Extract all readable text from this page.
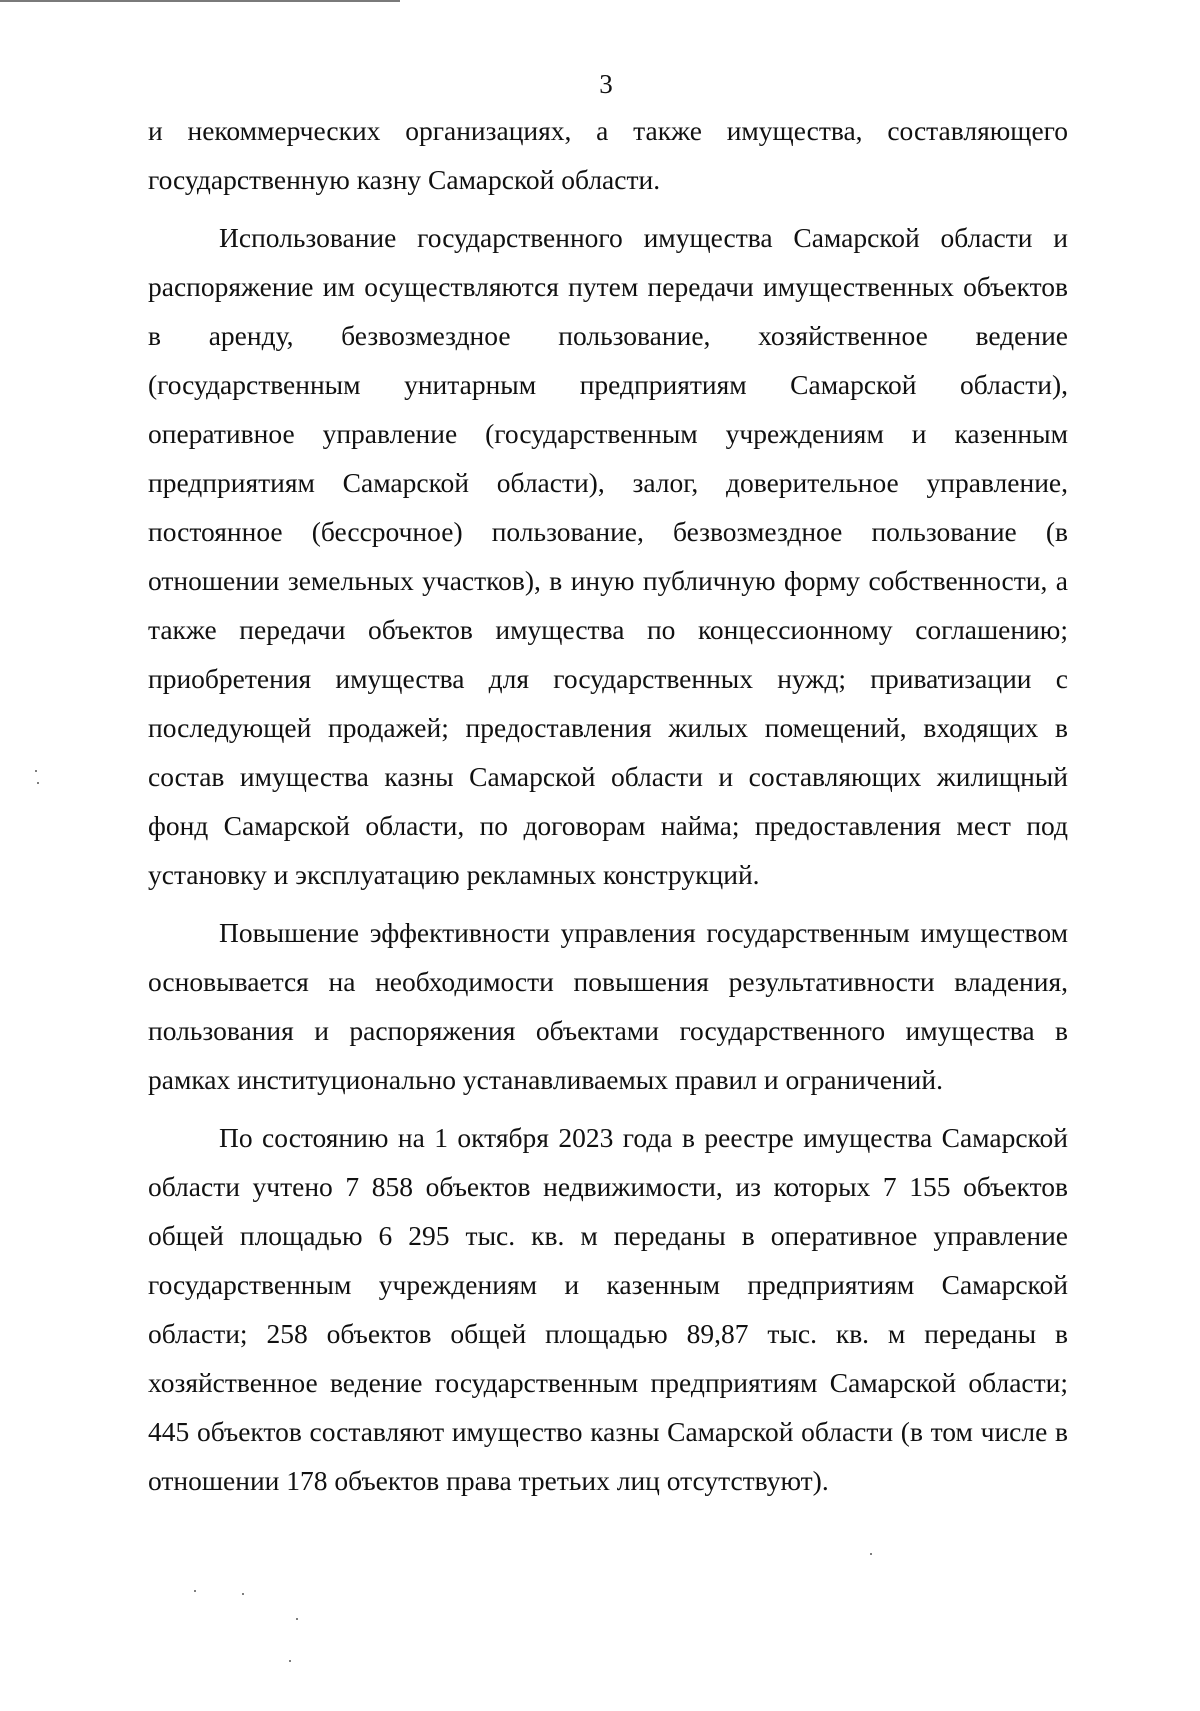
3

и некоммерческих организациях, а также имущества, составляющего государственную казну Самарской области.

Использование государственного имущества Самарской области и распоряжение им осуществляются путем передачи имущественных объектов в аренду, безвозмездное пользование, хозяйственное ведение (государственным унитарным предприятиям Самарской области), оперативное управление (государственным учреждениям и казенным предприятиям Самарской области), залог, доверительное управление, постоянное (бессрочное) пользование, безвозмездное пользование (в отношении земельных участков), в иную публичную форму собственности, а также передачи объектов имущества по концессионному соглашению; приобретения имущества для государственных нужд; приватизации с последующей продажей; предоставления жилых помещений, входящих в состав имущества казны Самарской области и составляющих жилищный фонд Самарской области, по договорам найма; предоставления мест под установку и эксплуатацию рекламных конструкций.

Повышение эффективности управления государственным имуществом основывается на необходимости повышения результативности владения, пользования и распоряжения объектами государственного имущества в рамках институционально устанавливаемых правил и ограничений.

По состоянию на 1 октября 2023 года в реестре имущества Самарской области учтено 7 858 объектов недвижимости, из которых 7 155 объектов общей площадью 6 295 тыс. кв. м переданы в оперативное управление государственным учреждениям и казенным предприятиям Самарской области; 258 объектов общей площадью 89,87 тыс. кв. м переданы в хозяйственное ведение государственным предприятиям Самарской области; 445 объектов составляют имущество казны Самарской области (в том числе в отношении 178 объектов права третьих лиц отсутствуют).
